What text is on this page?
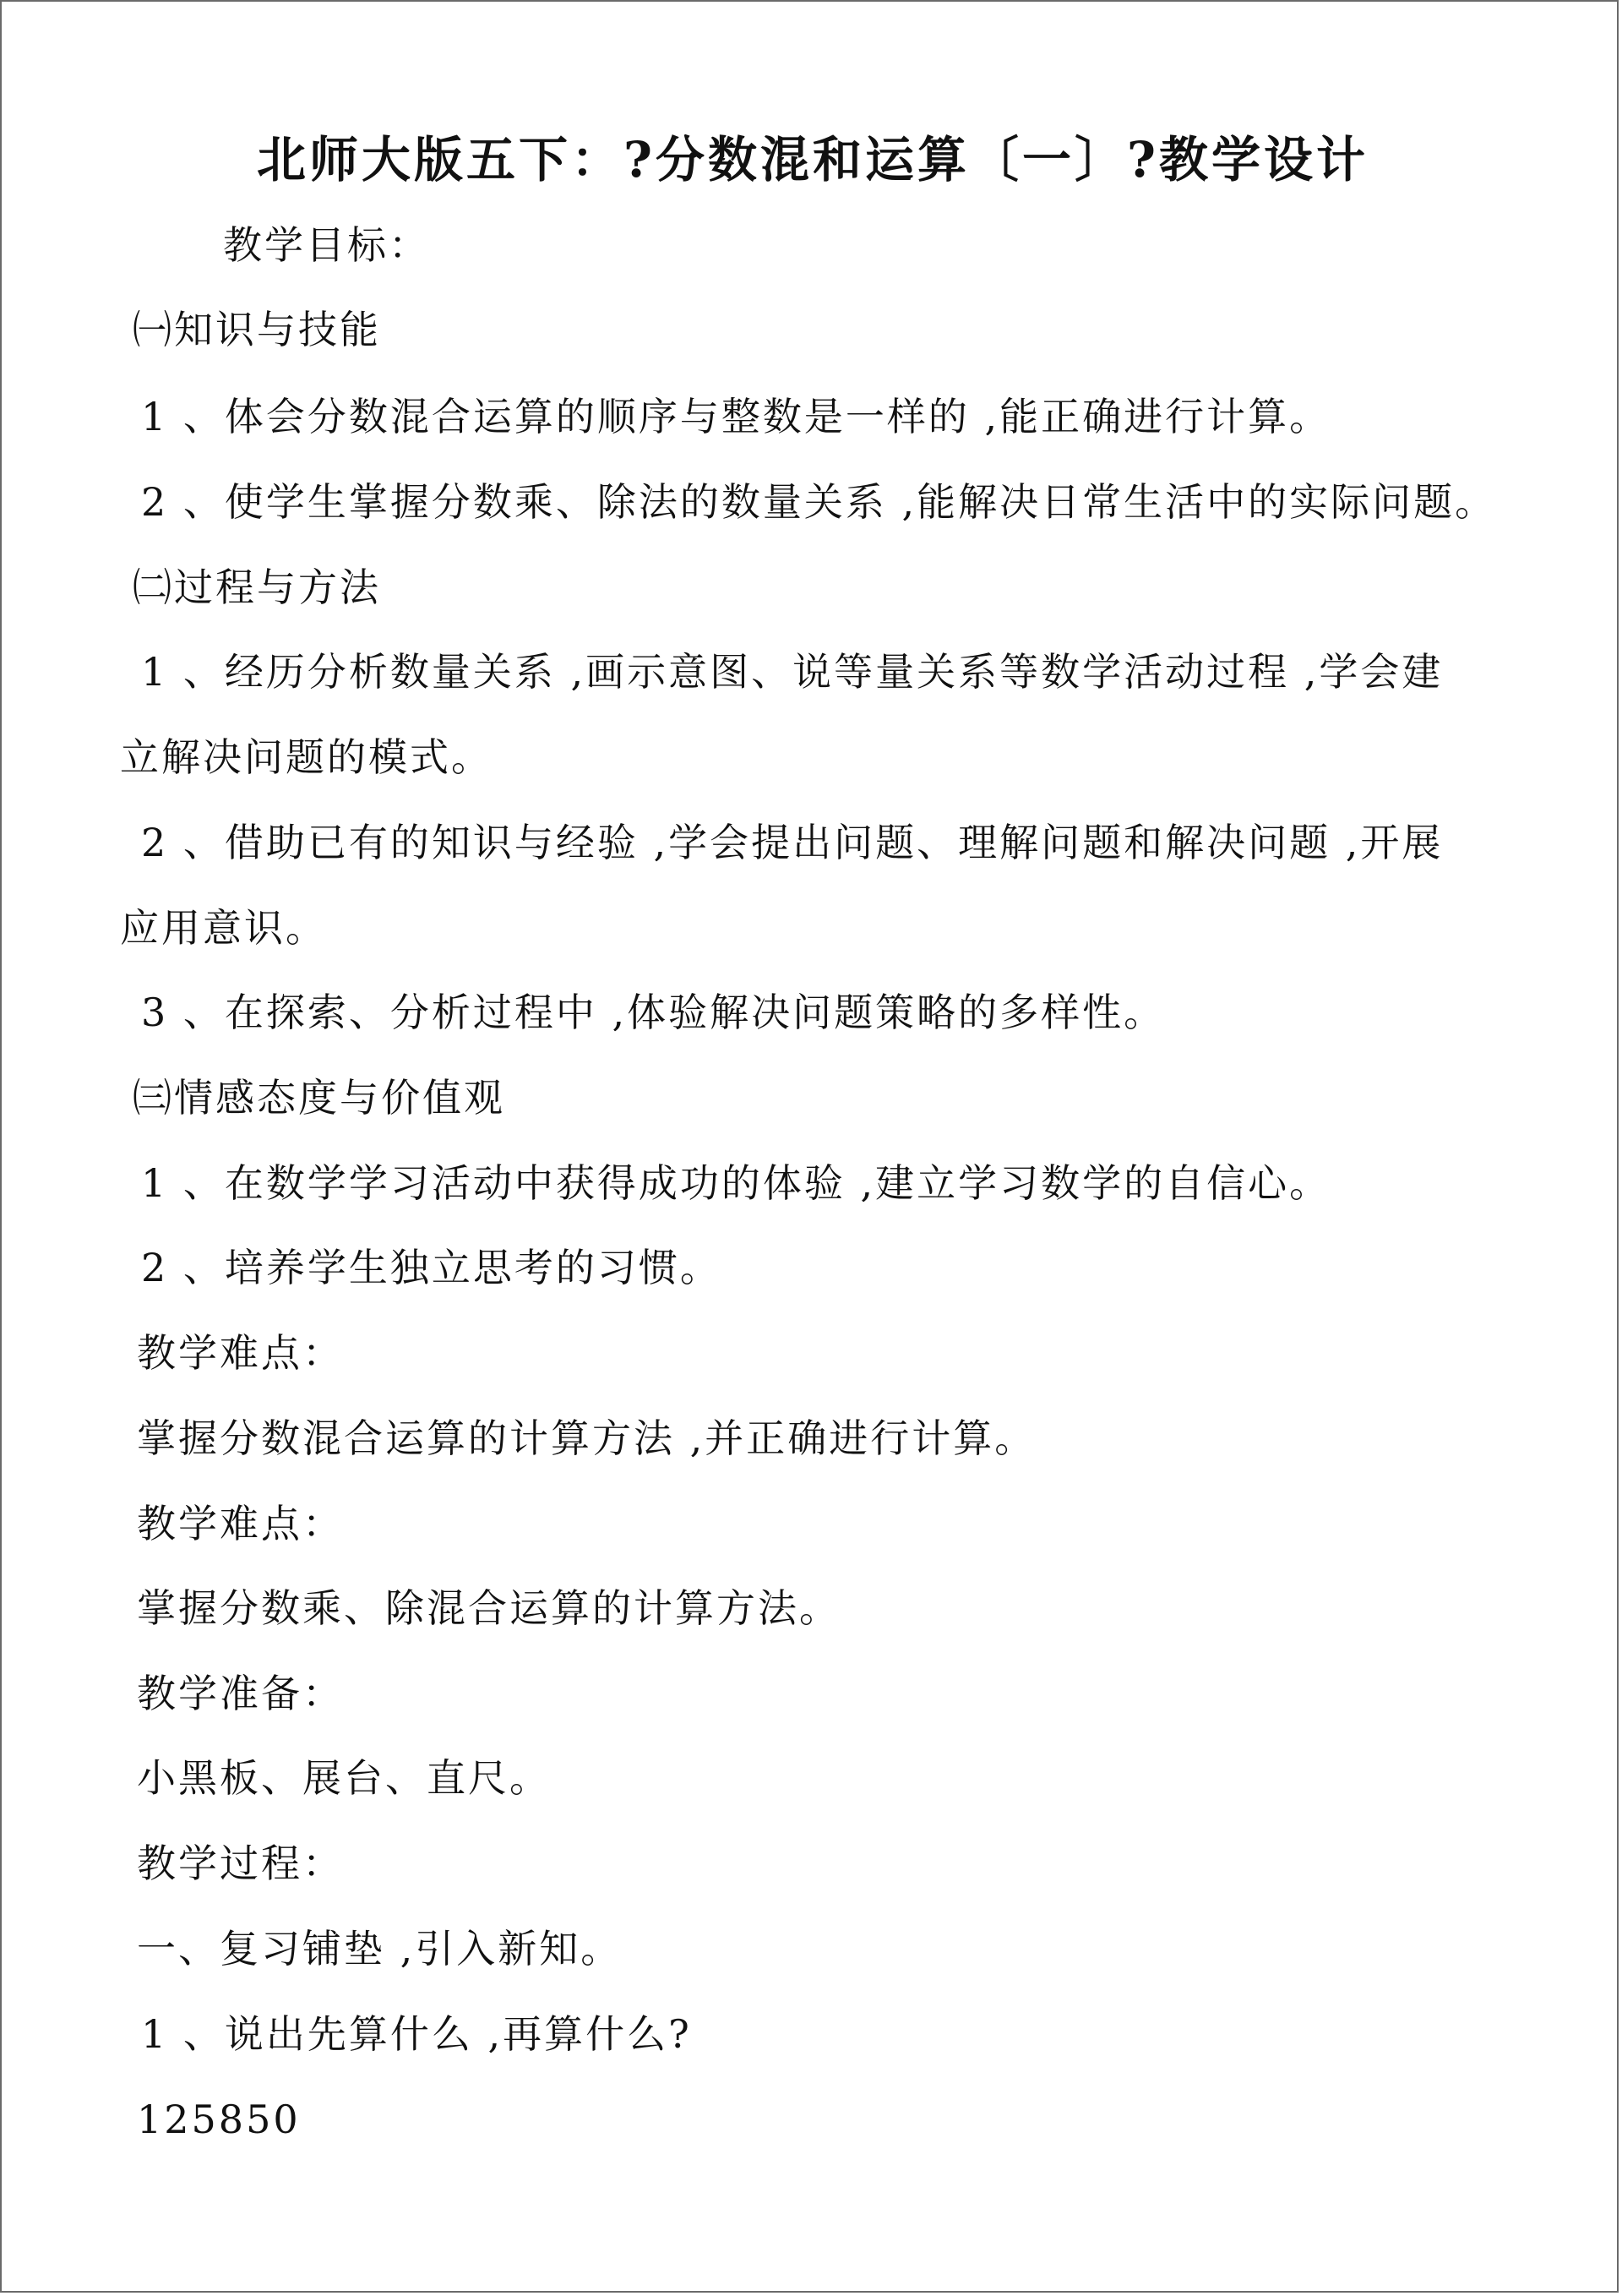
北师大版五下：?分数混和运算〔一〕?教学设计
教学目标：
㈠知识与技能
1 、体会分数混合运算的顺序与整数是一样的 ,能正确进行计算。
2 、使学生掌握分数乘、除法的数量关系 ,能解决日常生活中的实际问题。
㈡过程与方法
1 、经历分析数量关系 ,画示意图、说等量关系等数学活动过程 ,学会建
立解决问题的模式。
2 、借助已有的知识与经验 ,学会提出问题、理解问题和解决问题 ,开展
应用意识。
3 、在探索、分析过程中 ,体验解决问题策略的多样性。
㈢情感态度与价值观
1 、在数学学习活动中获得成功的体验 ,建立学习数学的自信心。
2 、培养学生独立思考的习惯。
教学难点：
掌握分数混合运算的计算方法 ,并正确进行计算。
教学难点：
掌握分数乘、除混合运算的计算方法。
教学准备：
小黑板、展台、直尺。
教学过程：
一、复习铺垫 ,引入新知。
1 、说出先算什么 ,再算什么?
125850
